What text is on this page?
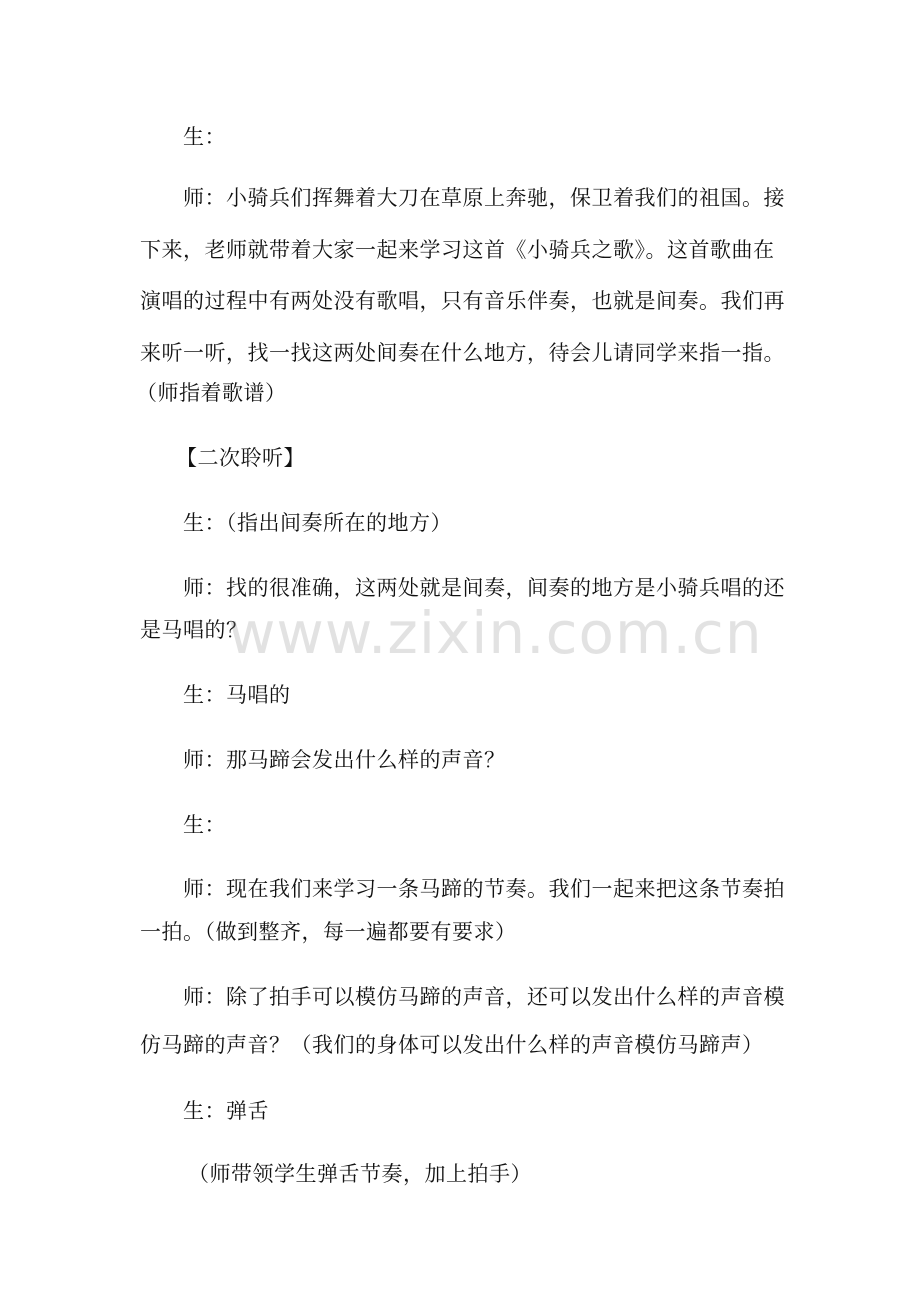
生：
师：小骑兵们挥舞着大刀在草原上奔驰，保卫着我们的祖国。接
下来，老师就带着大家一起来学习这首《小骑兵之歌》。这首歌曲在
演唱的过程中有两处没有歌唱，只有音乐伴奏，也就是间奏。我们再
来听一听，找一找这两处间奏在什么地方，待会儿请同学来指一指。
（师指着歌谱）
【二次聆听】
生：（指出间奏所在的地方）
师：找的很准确，这两处就是间奏，间奏的地方是小骑兵唱的还
是马唱的？
生：马唱的
师：那马蹄会发出什么样的声音？
生：
师：现在我们来学习一条马蹄的节奏。我们一起来把这条节奏拍
一拍。（做到整齐，每一遍都要有要求）
师：除了拍手可以模仿马蹄的声音，还可以发出什么样的声音模
仿马蹄的声音？（我们的身体可以发出什么样的声音模仿马蹄声）
生：弹舌
（师带领学生弹舌节奏，加上拍手）
www.zixin.com.cn
